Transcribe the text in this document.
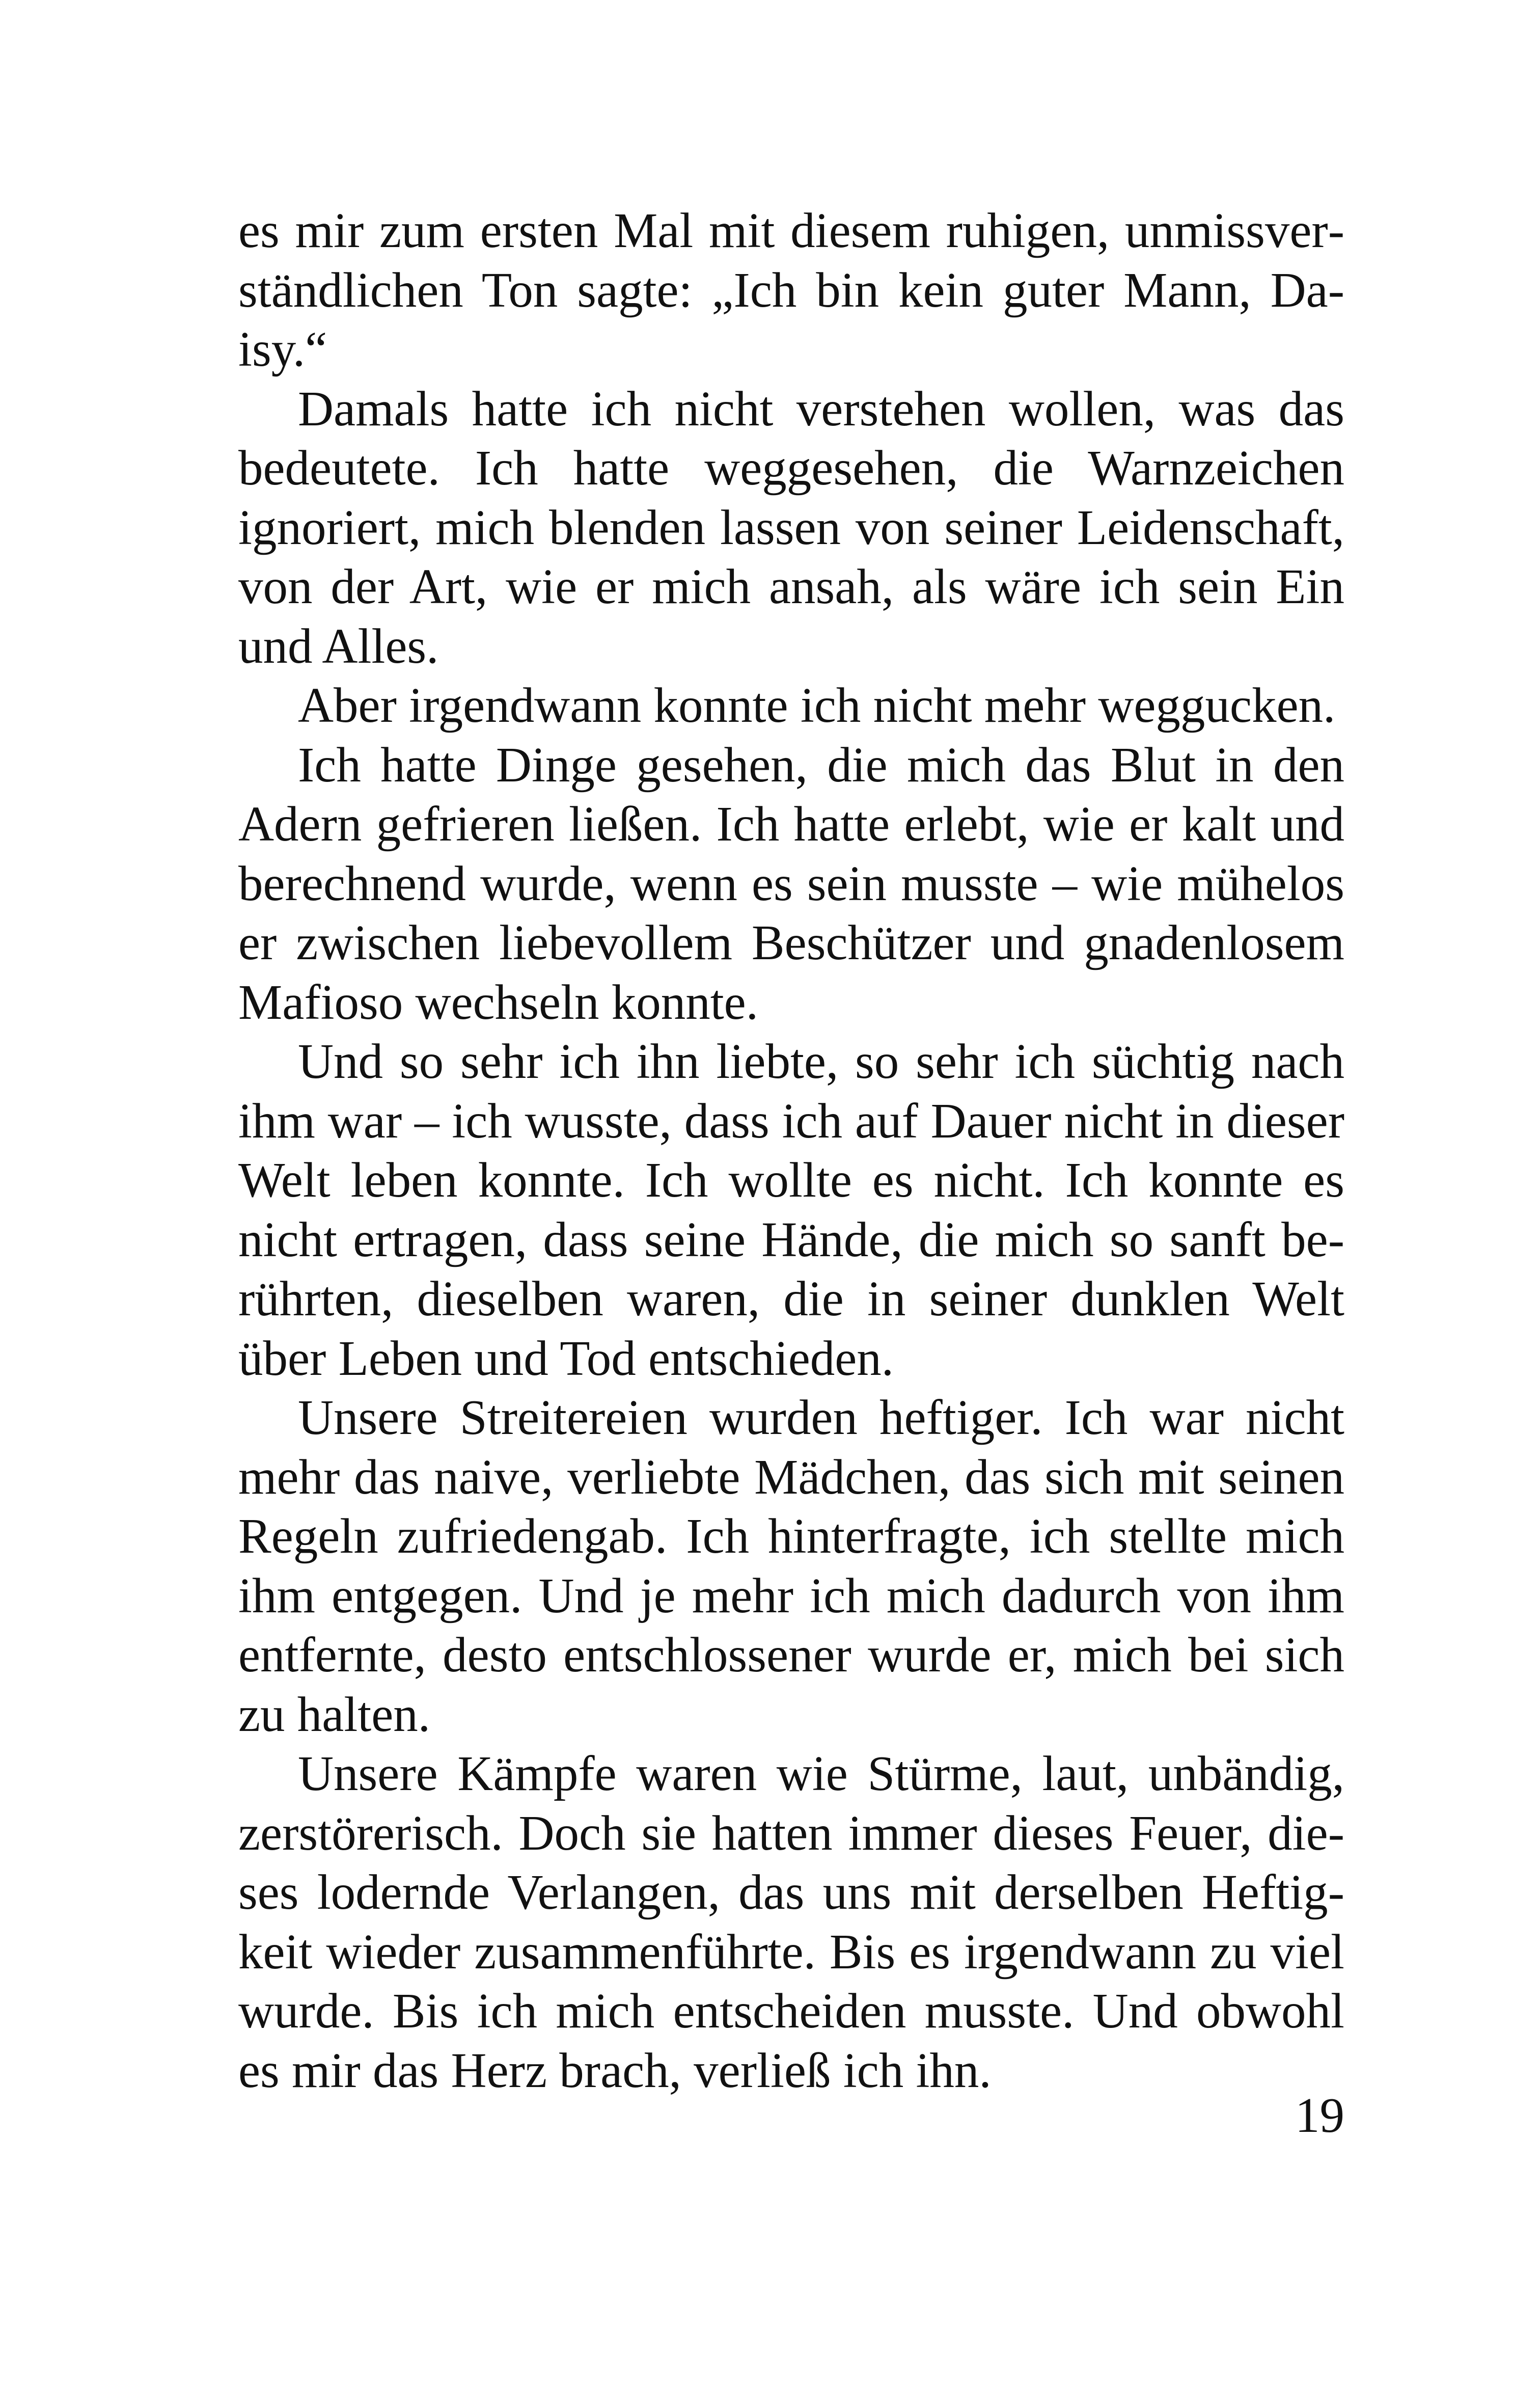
es mir zum ersten Mal mit diesem ruhigen, unmissverständlichen Ton sagte: „Ich bin kein guter Mann, Daisy.“

Damals hatte ich nicht verstehen wollen, was das bedeutete. Ich hatte weggesehen, die Warnzeichen ignoriert, mich blenden lassen von seiner Leidenschaft, von der Art, wie er mich ansah, als wäre ich sein Ein und Alles.

Aber irgendwann konnte ich nicht mehr weggucken.

Ich hatte Dinge gesehen, die mich das Blut in den Adern gefrieren ließen. Ich hatte erlebt, wie er kalt und berechnend wurde, wenn es sein musste – wie mühelos er zwischen liebevollem Beschützer und gnadenlosem Mafioso wechseln konnte.

Und so sehr ich ihn liebte, so sehr ich süchtig nach ihm war – ich wusste, dass ich auf Dauer nicht in dieser Welt leben konnte. Ich wollte es nicht. Ich konnte es nicht ertragen, dass seine Hände, die mich so sanft berührten, dieselben waren, die in seiner dunklen Welt über Leben und Tod entschieden.

Unsere Streitereien wurden heftiger. Ich war nicht mehr das naive, verliebte Mädchen, das sich mit seinen Regeln zufriedengab. Ich hinterfragte, ich stellte mich ihm entgegen. Und je mehr ich mich dadurch von ihm entfernte, desto entschlossener wurde er, mich bei sich zu halten.

Unsere Kämpfe waren wie Stürme, laut, unbändig, zerstörerisch. Doch sie hatten immer dieses Feuer, dieses lodernde Verlangen, das uns mit derselben Heftigkeit wieder zusammenführte. Bis es irgendwann zu viel wurde. Bis ich mich entscheiden musste. Und obwohl es mir das Herz brach, verließ ich ihn.

19
